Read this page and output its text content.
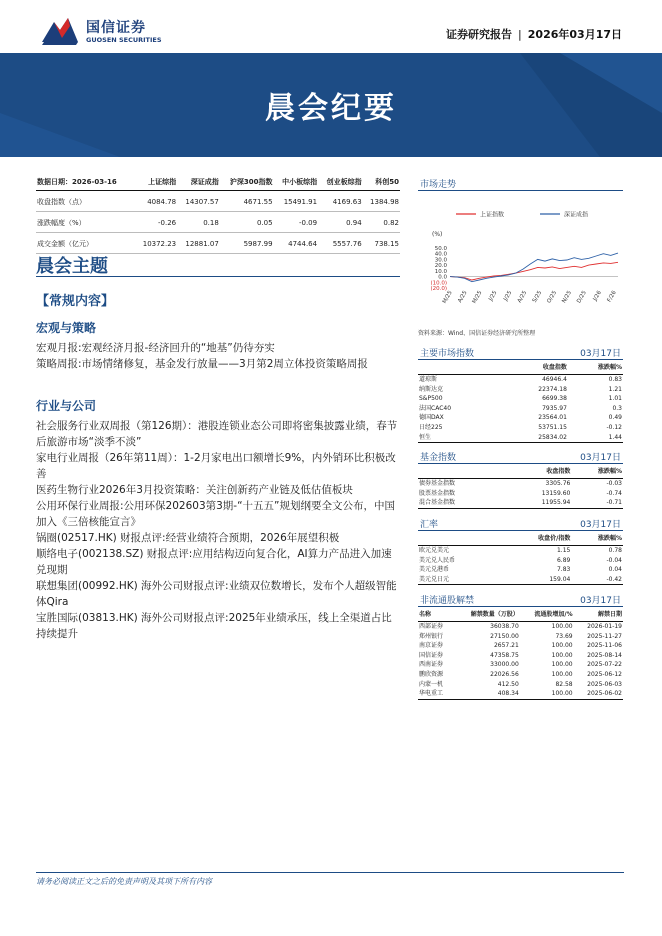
国信证券
GUOSEN SECURITIES	证券研究报告 | 2026年03月17日
晨会纪要
数据日期：2026-03-16	上证综指	深证成指	沪深300指数	中小板综指	创业板综指	科创50
收盘指数（点）	4084.78	14307.57	4671.55	15491.91	4169.63	1384.98
涨跌幅度（%）	-0.26	0.18	0.05	-0.09	0.94	0.82
成交金额（亿元）	10372.23	12881.07	5987.99	4744.64	5557.76	738.15
晨会主题
【常规内容】
宏观与策略
宏观月报:宏观经济月报-经济回升的“地基”仍待夯实
策略周报:市场情绪修复，基金发行放量——3月第2周立体投资策略周报
行业与公司
社会服务行业双周报（第126期）：港股连锁业态公司即将密集披露业绩，春节后旅游市场“淡季不淡”
家电行业周报（26年第11周）：1-2月家电出口额增长9%，内外销环比积极改善
医药生物行业2026年3月投资策略：关注创新药产业链及低估值板块
公用环保行业周报:公用环保202603第3期-“十五五”规划纲要全文公布，中国加入《三倍核能宣言》
锅圈(02517.HK) 财报点评:经营业绩符合预期，2026年展望积极
顺络电子(002138.SZ) 财报点评:应用结构迈向复合化，AI算力产品进入加速兑现期
联想集团(00992.HK) 海外公司财报点评:业绩双位数增长，发布个人超级智能体Qira
宝胜国际(03813.HK) 海外公司财报点评:2025年业绩承压，线上全渠道占比持续提升
市场走势
上证指数	深证成指
(%)
50.0
40.0
30.0
20.0
10.0
0.0
(10.0)
(20.0)
M/25 A/25 M/25 J/25 J/25 A/25 S/25 O/25 N/25 D/25 J/26 F/26
资料来源：Wind、国信证券经济研究所整理
主要市场指数	03月17日
	收盘指数	涨跌幅%
道琼斯	46946.4	0.83
纳斯达克	22374.18	1.21
S&P500	6699.38	1.01
法国CAC40	7935.97	0.3
德国DAX	23564.01	0.49
日经225	53751.15	-0.12
恒生	25834.02	1.44
基金指数	03月17日
	收盘指数	涨跌幅%
债券基金指数	3305.76	-0.03
股票基金指数	13159.60	-0.74
混合基金指数	11955.94	-0.71
汇率	03月17日
	收盘价/指数	涨跌幅%
欧元兑美元	1.15	0.78
美元兑人民币	6.89	-0.04
美元兑港币	7.83	0.04
美元兑日元	159.04	-0.42
非流通股解禁	03月17日
名称	解禁数量（万股）	流通股增加/%	解禁日期
西部证券	36038.70	100.00	2026-01-19
郑州银行	27150.00	73.69	2025-11-27
南京证券	2657.21	100.00	2025-11-06
国信证券	47358.75	100.00	2025-08-14
西南证券	33000.00	100.00	2025-07-22
鹏欣资源	22026.56	100.00	2025-06-12
内蒙一机	412.50	82.58	2025-06-03
华电重工	408.34	100.00	2025-06-02
请务必阅读正文之后的免责声明及其项下所有内容
